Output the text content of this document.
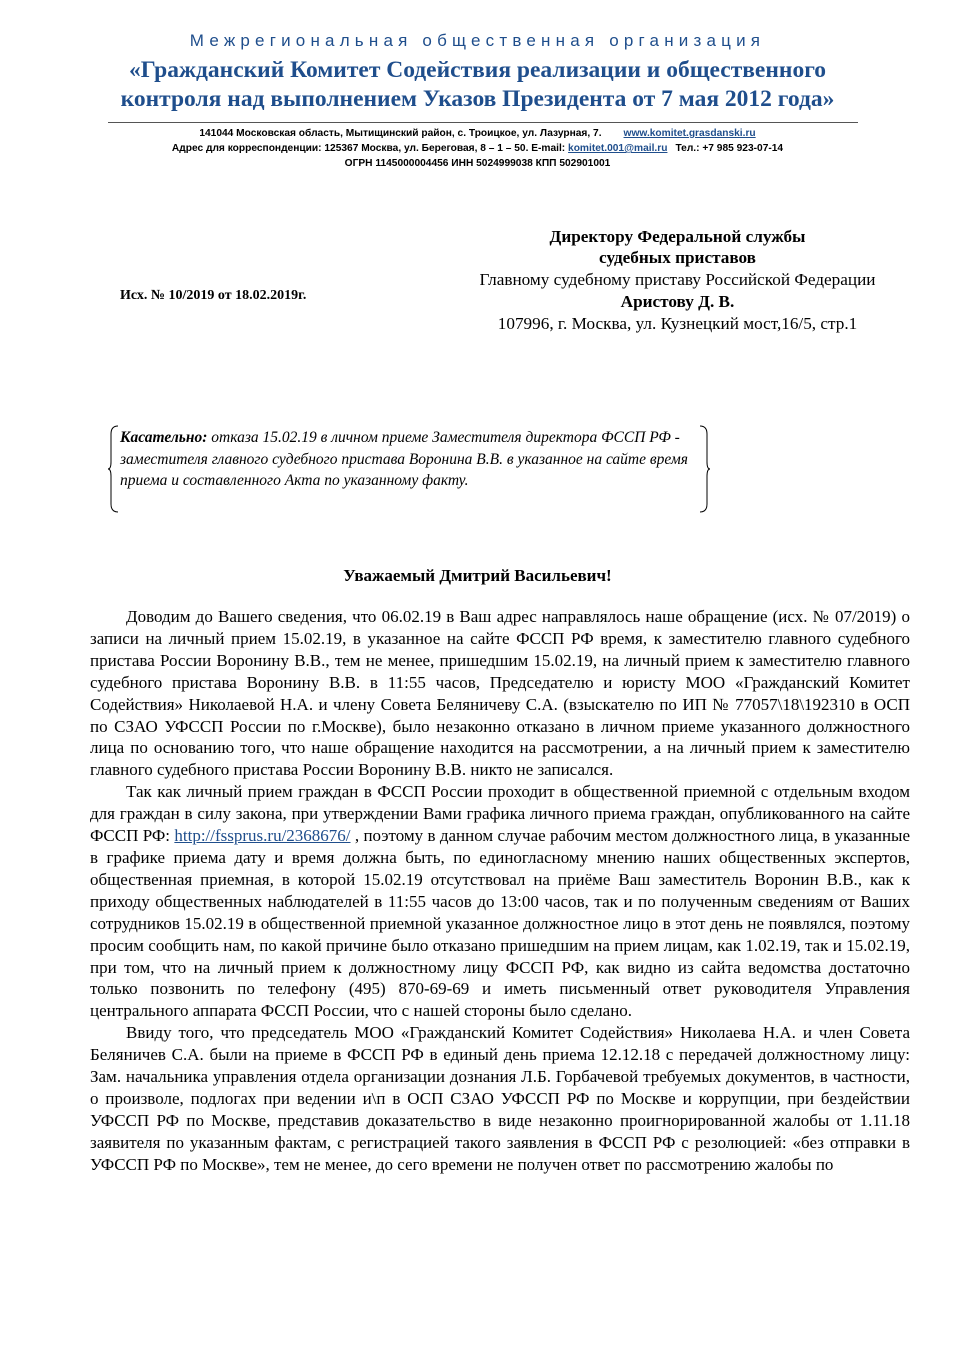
Межрегиональная общественная организация
«Гражданский Комитет Содействия реализации и общественного
контроля над выполнением Указов Президента от 7 мая 2012 года»
141044 Московская область, Мытищинский район, с. Троицкое, ул. Лазурная, 7. www.komitet.grasdanski.ru
Адрес для корреспонденции: 125367 Москва, ул. Береговая, 8 – 1 – 50. E-mail: komitet.001@mail.ru Тел.: +7 985 923-07-14
ОГРН 1145000004456 ИНН 5024999038 КПП 502901001
Исх. № 10/2019 от 18.02.2019г.
Директору Федеральной службы
судебных приставов
Главному судебному приставу Российской Федерации
Аристову Д. В.
107996, г. Москва, ул. Кузнецкий мост,16/5, стр.1
Касательно: отказа 15.02.19 в личном приеме Заместителя директора ФССП РФ - заместителя главного судебного пристава Воронина В.В. в указанное на сайте время приема и составленного Акта по указанному факту.
Уважаемый Дмитрий Васильевич!

Доводим до Вашего сведения, что 06.02.19 в Ваш адрес направлялось наше обращение (исх. № 07/2019) о записи на личный прием 15.02.19, в указанное на сайте ФССП РФ время, к заместителю главного судебного пристава России Воронину В.В., тем не менее, пришедшим 15.02.19, на личный прием к заместителю главного судебного пристава Воронину В.В. в 11:55 часов, Председателю и юристу МОО «Гражданский Комитет Содействия» Николаевой Н.А. и члену Совета Беляничеву С.А. (взыскателю по ИП № 77057\18\192310 в ОСП по СЗАО УФССП России по г.Москве), было незаконно отказано в личном приеме указанного должностного лица по основанию того, что наше обращение находится на рассмотрении, а на личный прием к заместителю главного судебного пристава России Воронину В.В. никто не записался.

Так как личный прием граждан в ФССП России проходит в общественной приемной с отдельным входом для граждан в силу закона, при утверждении Вами графика личного приема граждан, опубликованного на сайте ФССП РФ: http://fssprus.ru/2368676/ , поэтому в данном случае рабочим местом должностного лица, в указанные в графике приема дату и время должна быть, по единогласному мнению наших общественных экспертов, общественная приемная, в которой 15.02.19 отсутствовал на приёме Ваш заместитель Воронин В.В., как к приходу общественных наблюдателей в 11:55 часов до 13:00 часов, так и по полученным сведениям от Ваших сотрудников 15.02.19 в общественной приемной указанное должностное лицо в этот день не появлялся, поэтому просим сообщить нам, по какой причине было отказано пришедшим на прием лицам, как 1.02.19, так и 15.02.19, при том, что на личный прием к должностному лицу ФССП РФ, как видно из сайта ведомства достаточно только позвонить по телефону (495) 870-69-69 и иметь письменный ответ руководителя Управления центрального аппарата ФССП России, что с нашей стороны было сделано.

Ввиду того, что председатель МОО «Гражданский Комитет Содействия» Николаева Н.А. и член Совета Беляничев С.А. были на приеме в ФССП РФ в единый день приема 12.12.18 с передачей должностному лицу: Зам. начальника управления отдела организации дознания Л.Б. Горбачевой требуемых документов, в частности, о произволе, подлогах при ведении и\п в ОСП СЗАО УФССП РФ по Москве и коррупции, при бездействии УФССП РФ по Москве, представив доказательство в виде незаконно проигнорированной жалобы от 1.11.18 заявителя по указанным фактам, с регистрацией такого заявления в ФССП РФ с резолюцией: «без отправки в УФССП РФ по Москве», тем не менее, до сего времени не получен ответ по рассмотрению жалобы по
